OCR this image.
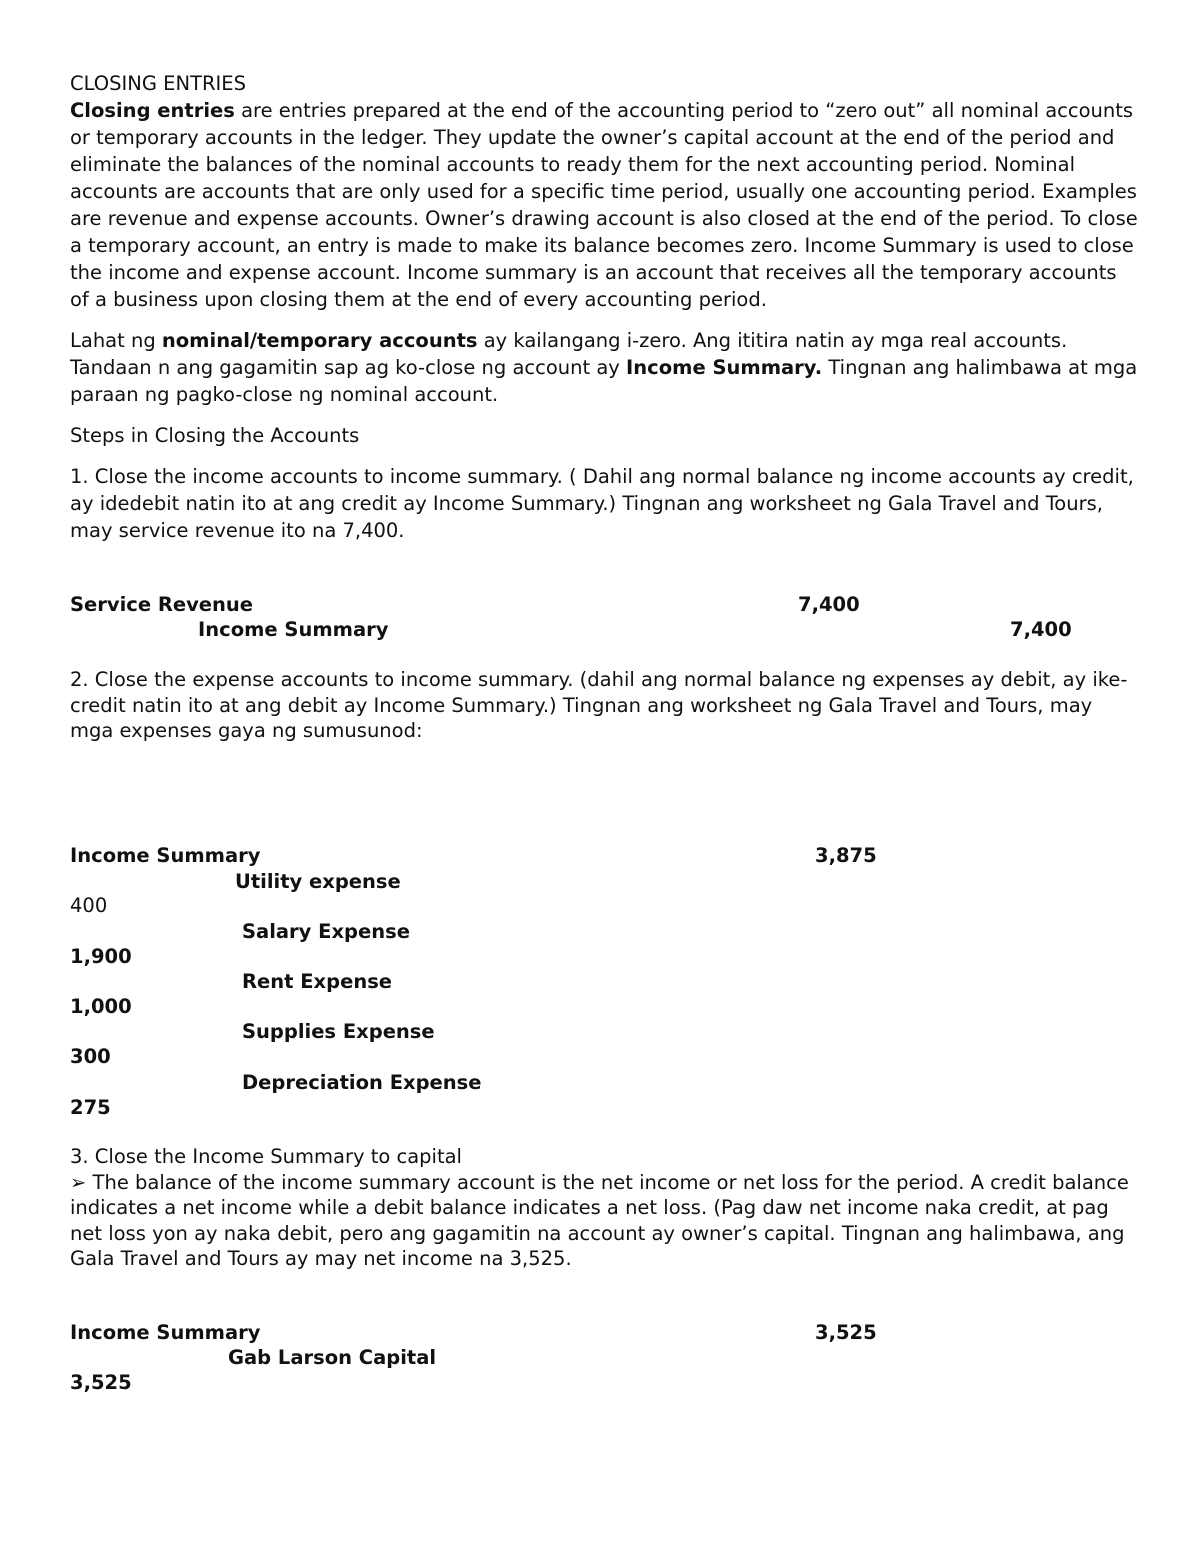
CLOSING ENTRIES

Closing entries are entries prepared at the end of the accounting period to “zero out” all nominal accounts or temporary accounts in the ledger. They update the owner’s capital account at the end of the period and eliminate the balances of the nominal accounts to ready them for the next accounting period. Nominal accounts are accounts that are only used for a specific time period, usually one accounting period. Examples are revenue and expense accounts. Owner’s drawing account is also closed at the end of the period. To close a temporary account, an entry is made to make its balance becomes zero. Income Summary is used to close the income and expense account. Income summary is an account that receives all the temporary accounts of a business upon closing them at the end of every accounting period.

Lahat ng nominal/temporary accounts ay kailangang i-zero. Ang ititira natin ay mga real accounts. Tandaan n ang gagamitin sap ag ko-close ng account ay Income Summary. Tingnan ang halimbawa at mga paraan ng pagko-close ng nominal account.

Steps in Closing the Accounts

1. Close the income accounts to income summary. ( Dahil ang normal balance ng income accounts ay credit, ay idedebit natin ito at ang credit ay Income Summary.) Tingnan ang worksheet ng Gala Travel and Tours, may service revenue ito na 7,400.

Service Revenue	7,400
Income Summary	7,400
2. Close the expense accounts to income summary. (dahil ang normal balance ng expenses ay debit, ay ike-credit natin ito at ang debit ay Income Summary.) Tingnan ang worksheet ng Gala Travel and Tours, may mga expenses gaya ng sumusunod:
Income Summary	3,875
Utility expense
400
Salary Expense
1,900
Rent Expense
1,000
Supplies Expense
300
Depreciation Expense
275
3. Close the Income Summary to capital
➢ The balance of the income summary account is the net income or net loss for the period. A credit balance indicates a net income while a debit balance indicates a net loss. (Pag daw net income naka credit, at pag net loss yon ay naka debit, pero ang gagamitin na account ay owner’s capital. Tingnan ang halimbawa, ang Gala Travel and Tours ay may net income na 3,525.
Income Summary	3,525
Gab Larson Capital
3,525
